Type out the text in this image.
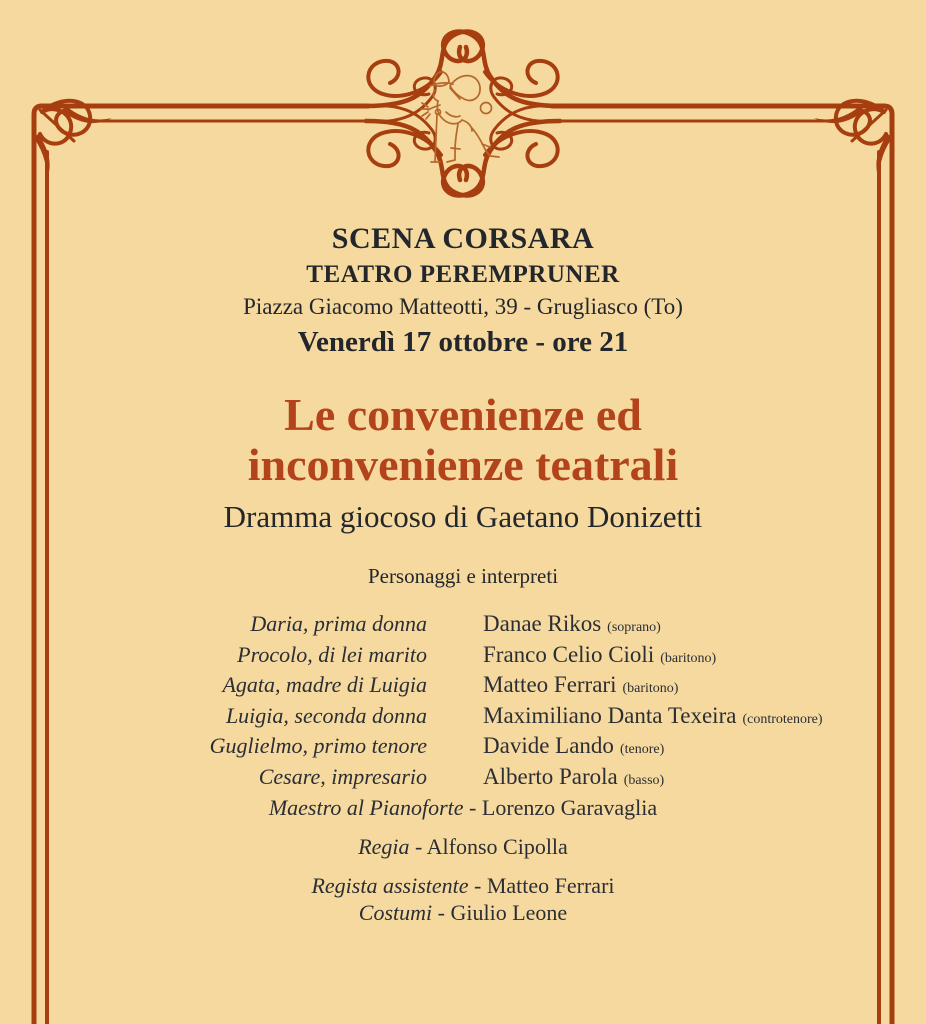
SCENA CORSARA
TEATRO PEREMPRUNER
Piazza Giacomo Matteotti, 39 - Grugliasco (To)
Venerdì 17 ottobre - ore 21
Le convenienze ed
inconvenienze teatrali
Dramma giocoso di Gaetano Donizetti
Personaggi e interpreti
Daria, prima donna Danae Rikos (soprano)
Procolo, di lei marito Franco Celio Cioli (baritono)
Agata, madre di Luigia Matteo Ferrari (baritono)
Luigia, seconda donna Maximiliano Danta Texeira (controtenore)
Guglielmo, primo tenore Davide Lando (tenore)
Cesare, impresario Alberto Parola (basso)
Maestro al Pianoforte - Lorenzo Garavaglia
Regia - Alfonso Cipolla
Regista assistente - Matteo Ferrari
Costumi - Giulio Leone
